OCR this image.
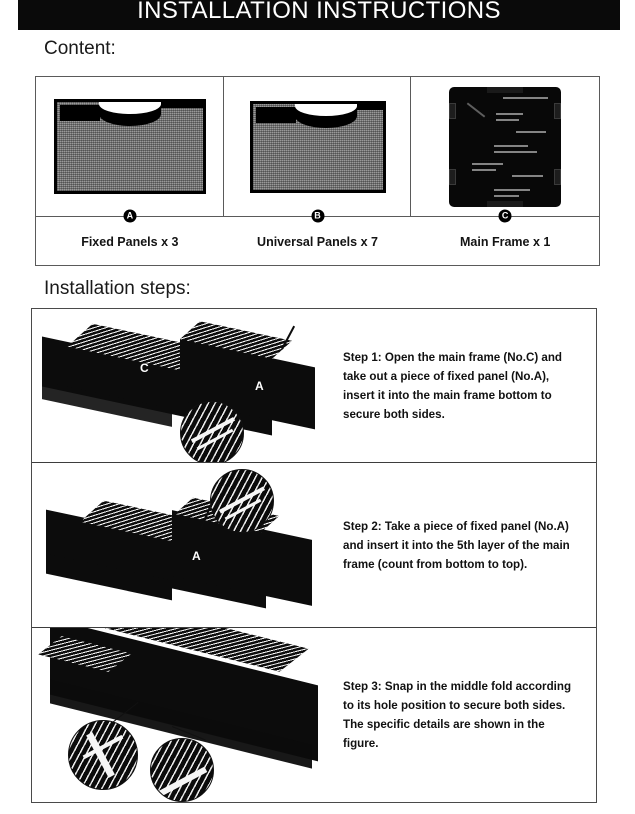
INSTALLATION INSTRUCTIONS
Content:
A
Fixed Panels x 3
B
Universal Panels x 7
C
Main Frame x 1
Installation steps:
C
A

Step 1: Open the main frame (No.C) and take out a piece of fixed panel (No.A), insert it into the main frame bottom to secure both sides.

A

Step 2: Take a piece of fixed panel (No.A) and insert it into the 5th layer of the main frame (count from bottom to top).

Step 3: Snap in the middle fold according to its hole position to secure both sides. The specific details are shown in the figure.
